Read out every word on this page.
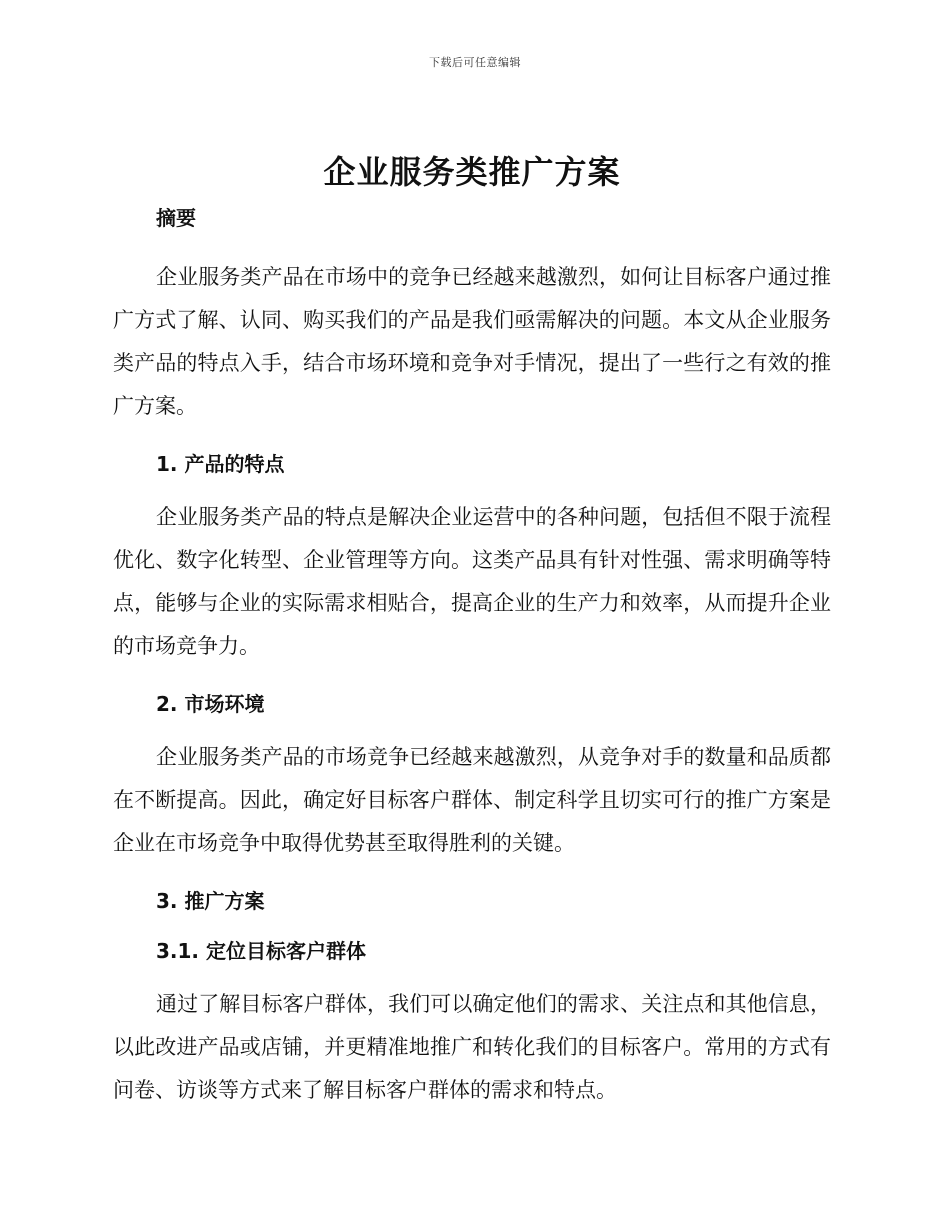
下载后可任意编辑
企业服务类推广方案
摘要

企业服务类产品在市场中的竞争已经越来越激烈，如何让目标客户通过推广方式了解、认同、购买我们的产品是我们亟需解决的问题。本文从企业服务类产品的特点入手，结合市场环境和竞争对手情况，提出了一些行之有效的推广方案。

1. 产品的特点

企业服务类产品的特点是解决企业运营中的各种问题，包括但不限于流程优化、数字化转型、企业管理等方向。这类产品具有针对性强、需求明确等特点，能够与企业的实际需求相贴合，提高企业的生产力和效率，从而提升企业的市场竞争力。

2. 市场环境

企业服务类产品的市场竞争已经越来越激烈，从竞争对手的数量和品质都在不断提高。因此，确定好目标客户群体、制定科学且切实可行的推广方案是企业在市场竞争中取得优势甚至取得胜利的关键。

3. 推广方案
3.1. 定位目标客户群体

通过了解目标客户群体，我们可以确定他们的需求、关注点和其他信息，以此改进产品或店铺，并更精准地推广和转化我们的目标客户。常用的方式有问卷、访谈等方式来了解目标客户群体的需求和特点。
